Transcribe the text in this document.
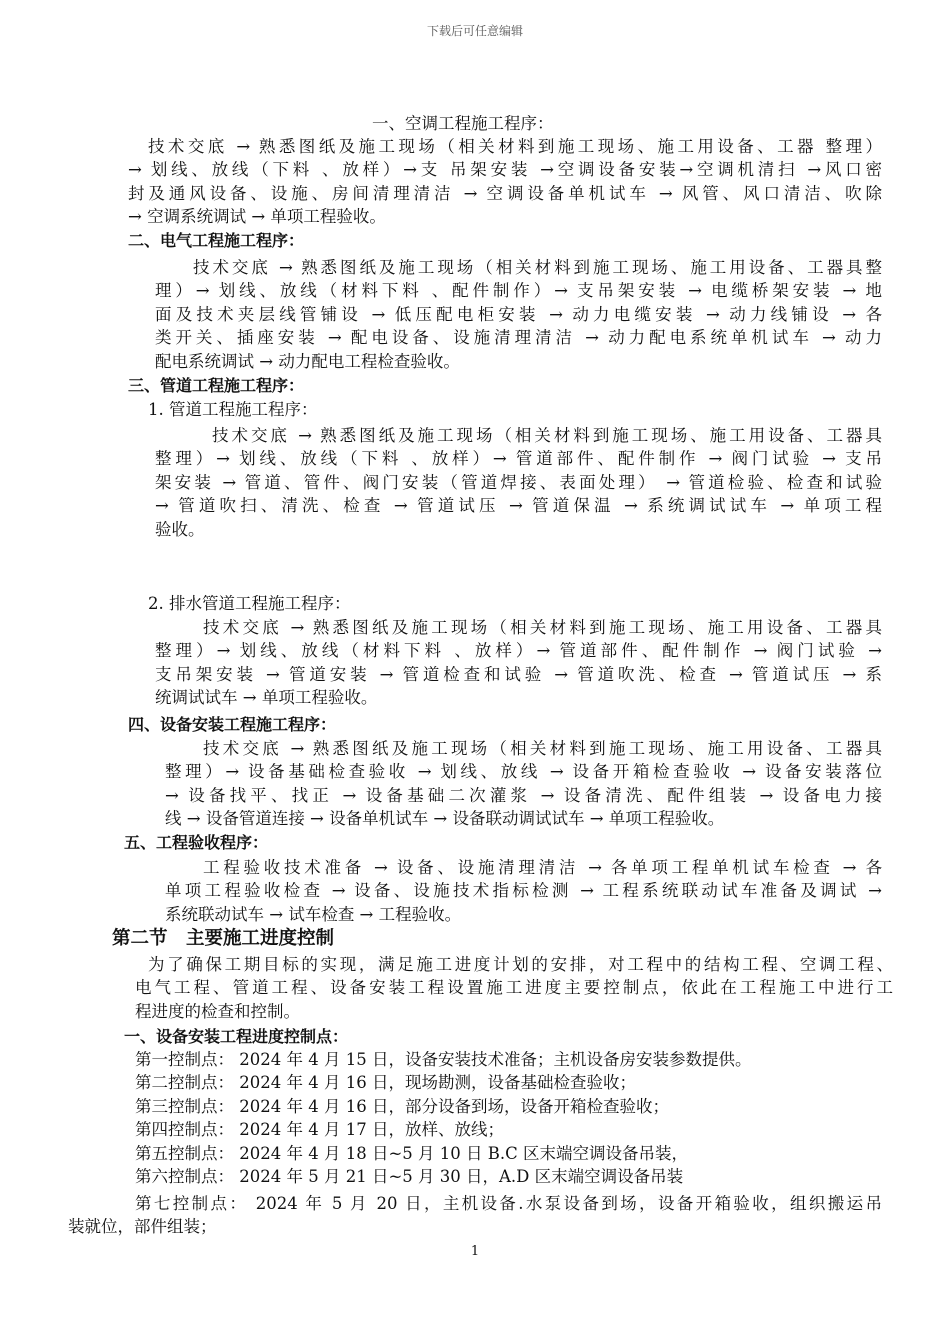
下载后可任意编辑

一、空调工程施工程序：

技术交底 → 熟悉图纸及施工现场（相关材料到施工现场、施工用设备、工器 整理）

→ 划线、放线（下料 、放样）→支 吊架安装 →空调设备安装→空调机清扫 →风口密

封及通风设备、设施、房间清理清洁 → 空调设备单机试车 → 风管、风口清洁、吹除

→ 空调系统调试 → 单项工程验收。

二、电气工程施工程序：

技术交底 → 熟悉图纸及施工现场（相关材料到施工现场、施工用设备、工器具整

理）→ 划线、放线（材料下料 、配件制作）→ 支吊架安装 → 电缆桥架安装 → 地

面及技术夹层线管铺设 → 低压配电柜安装 → 动力电缆安装 → 动力线铺设 → 各

类开关、插座安装 → 配电设备、设施清理清洁 → 动力配电系统单机试车 → 动力

配电系统调试 → 动力配电工程检查验收。

三、管道工程施工程序：
1. 管道工程施工程序：

技术交底 → 熟悉图纸及施工现场（相关材料到施工现场、施工用设备、工器具

整理）→ 划线、放线（下料 、放样）→ 管道部件、配件制作 → 阀门试验 → 支吊

架安装 → 管道、管件、阀门安装（管道焊接、表面处理） → 管道检验、检查和试验

→ 管道吹扫、清洗、检查 → 管道试压 → 管道保温 → 系统调试试车 → 单项工程

验收。

2. 排水管道工程施工程序：

技术交底 → 熟悉图纸及施工现场（相关材料到施工现场、施工用设备、工器具

整理）→ 划线、放线（材料下料 、放样）→ 管道部件、配件制作 → 阀门试验 →

支吊架安装 → 管道安装 → 管道检查和试验 → 管道吹洗、检查 → 管道试压 → 系

统调试试车 → 单项工程验收。

四、设备安装工程施工程序：

技术交底 → 熟悉图纸及施工现场（相关材料到施工现场、施工用设备、工器具

整理）→ 设备基础检查验收 → 划线、放线 → 设备开箱检查验收 → 设备安装落位

→ 设备找平、找正 → 设备基础二次灌浆 → 设备清洗、配件组装 → 设备电力接

线 → 设备管道连接 → 设备单机试车 → 设备联动调试试车 → 单项工程验收。

五、工程验收程序：

工程验收技术准备 → 设备、设施清理清洁 → 各单项工程单机试车检查 → 各

单项工程验收检查 → 设备、设施技术指标检测 → 工程系统联动试车准备及调试 →

系统联动试车 → 试车检查 → 工程验收。

第二节　主要施工进度控制

为了确保工期目标的实现，满足施工进度计划的安排，对工程中的结构工程、空调工程、

电气工程、管道工程、设备安装工程设置施工进度主要控制点，依此在工程施工中进行工

程进度的检查和控制。

一、设备安装工程进度控制点：

第一控制点： 2024 年 4 月 15 日，设备安装技术准备；主机设备房安装参数提供。

第二控制点： 2024 年 4 月 16 日，现场勘测，设备基础检查验收；

第三控制点： 2024 年 4 月 16 日，部分设备到场，设备开箱检查验收；

第四控制点： 2024 年 4 月 17 日，放样、放线；

第五控制点： 2024 年 4 月 18 日~5 月 10 日 B.C 区末端空调设备吊装，

第六控制点： 2024 年 5 月 21 日~5 月 30 日，A.D 区末端空调设备吊装

第七控制点： 2024 年 5 月 20 日，主机设备.水泵设备到场，设备开箱验收，组织搬运吊

装就位，部件组装；

1
